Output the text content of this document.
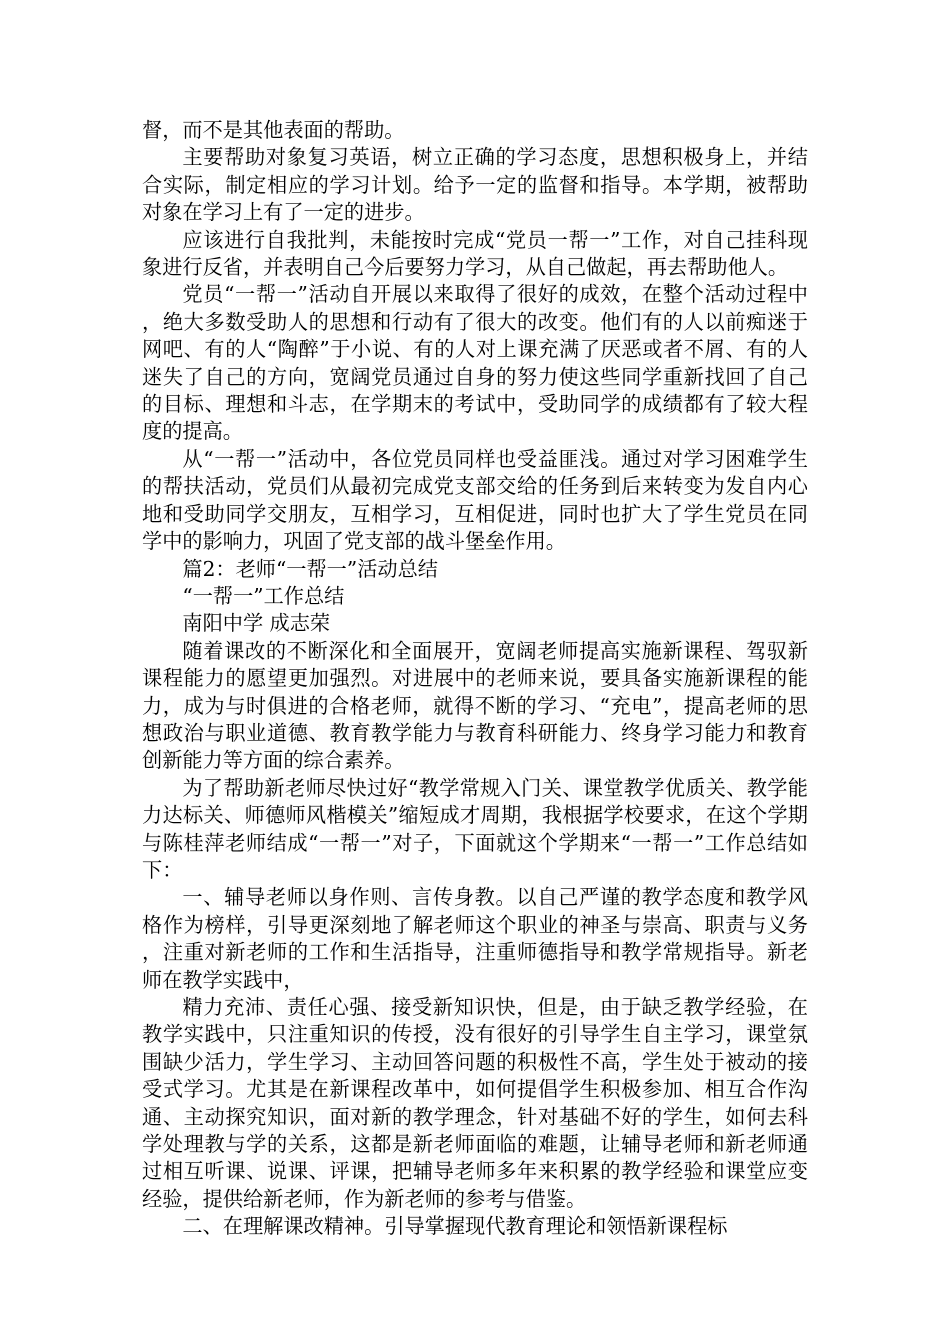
督，而不是其他表面的帮助。

主要帮助对象复习英语，树立正确的学习态度，思想积极身上，并结合实际，制定相应的学习计划。给予一定的监督和指导。本学期，被帮助对象在学习上有了一定的进步。

应该进行自我批判，未能按时完成“党员一帮一”工作，对自己挂科现象进行反省，并表明自己今后要努力学习，从自己做起，再去帮助他人。

党员“一帮一”活动自开展以来取得了很好的成效，在整个活动过程中，绝大多数受助人的思想和行动有了很大的改变。他们有的人以前痴迷于网吧、有的人“陶醉”于小说、有的人对上课充满了厌恶或者不屑、有的人迷失了自己的方向，宽阔党员通过自身的努力使这些同学重新找回了自己的目标、理想和斗志，在学期末的考试中，受助同学的成绩都有了较大程度的提高。

从“一帮一”活动中，各位党员同样也受益匪浅。通过对学习困难学生的帮扶活动，党员们从最初完成党支部交给的任务到后来转变为发自内心地和受助同学交朋友，互相学习，互相促进，同时也扩大了学生党员在同学中的影响力，巩固了党支部的战斗堡垒作用。

篇2：老师“一帮一”活动总结

“一帮一”工作总结

南阳中学 成志荣

随着课改的不断深化和全面展开，宽阔老师提高实施新课程、驾驭新课程能力的愿望更加强烈。对进展中的老师来说，要具备实施新课程的能力，成为与时俱进的合格老师，就得不断的学习、“充电”，提高老师的思想政治与职业道德、教育教学能力与教育科研能力、终身学习能力和教育创新能力等方面的综合素养。

为了帮助新老师尽快过好“教学常规入门关、课堂教学优质关、教学能力达标关、师德师风楷模关”缩短成才周期，我根据学校要求，在这个学期与陈桂萍老师结成“一帮一”对子，下面就这个学期来“一帮一”工作总结如下：

一、辅导老师以身作则、言传身教。以自己严谨的教学态度和教学风格作为榜样，引导更深刻地了解老师这个职业的神圣与崇高、职责与义务，注重对新老师的工作和生活指导，注重师德指导和教学常规指导。新老师在教学实践中，

精力充沛、责任心强、接受新知识快，但是，由于缺乏教学经验，在教学实践中，只注重知识的传授，没有很好的引导学生自主学习，课堂氛围缺少活力，学生学习、主动回答问题的积极性不高，学生处于被动的接受式学习。尤其是在新课程改革中，如何提倡学生积极参加、相互合作沟通、主动探究知识，面对新的教学理念，针对基础不好的学生，如何去科学处理教与学的关系，这都是新老师面临的难题，让辅导老师和新老师通过相互听课、说课、评课，把辅导老师多年来积累的教学经验和课堂应变经验，提供给新老师，作为新老师的参考与借鉴。

二、在理解课改精神。引导掌握现代教育理论和领悟新课程标
